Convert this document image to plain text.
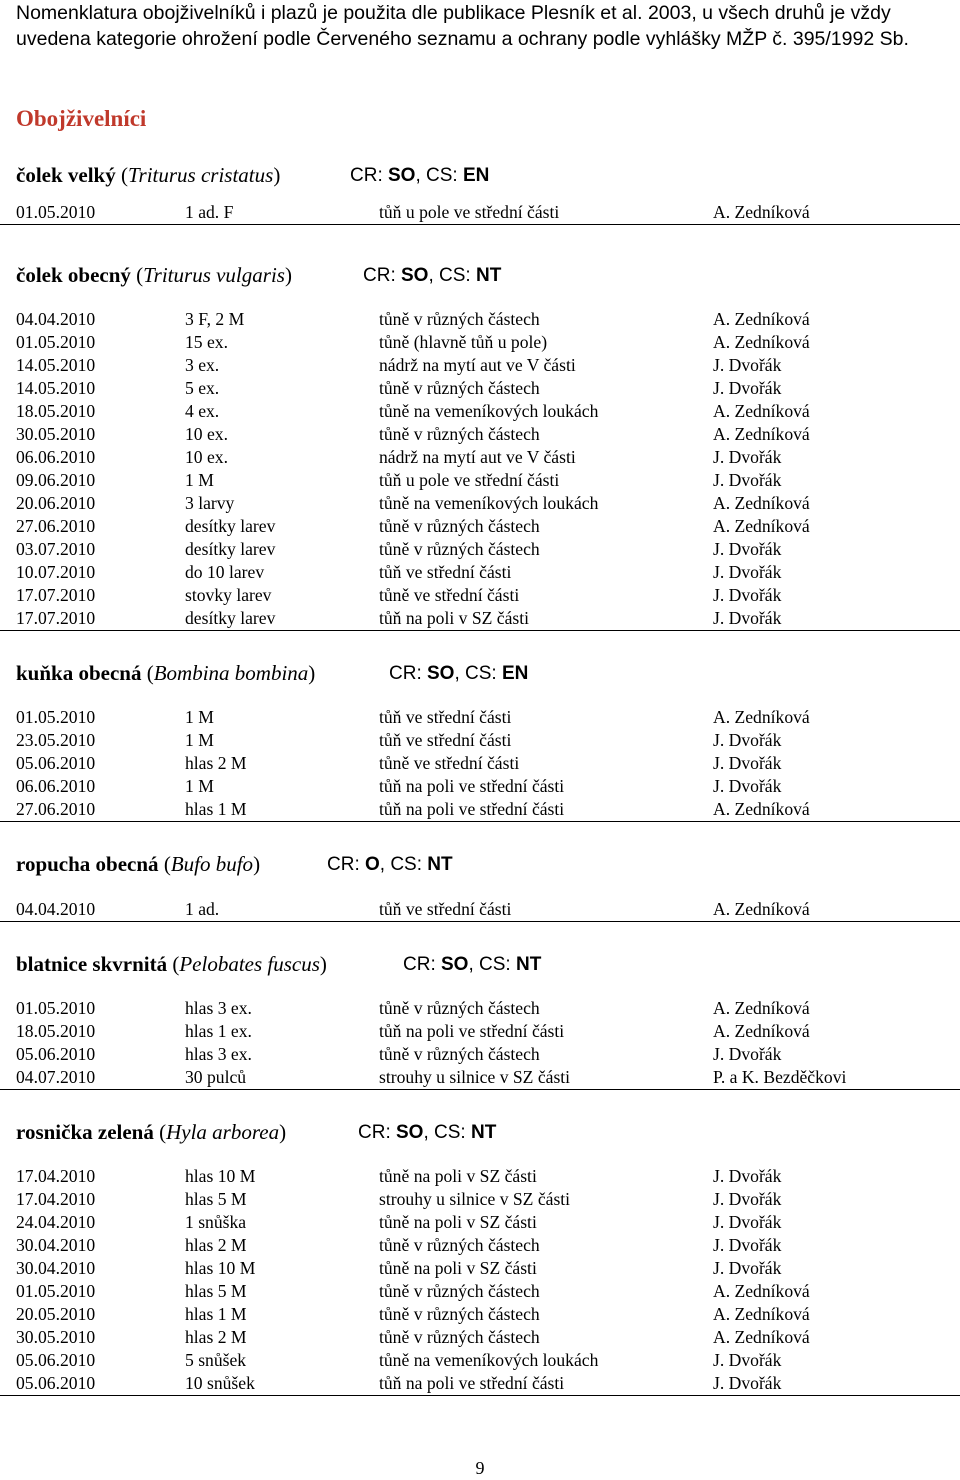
Nomenklatura obojživelníků i plazů je použita dle publikace Plesník et al. 2003, u všech druhů je vždy uvedena kategorie ohrožení podle Červeného seznamu a ochrany podle vyhlášky MŽP č. 395/1992 Sb.

Obojživelníci
čolek velký (Triturus cristatus)	CR: SO, CS: EN
01.05.2010	1 ad. F	tůň u pole ve střední části	A. Zedníková
čolek obecný (Triturus vulgaris)	CR: SO, CS: NT
04.04.2010	3 F, 2 M	tůně v různých částech	A. Zedníková
01.05.2010	15 ex.	tůně (hlavně tůň u pole)	A. Zedníková
14.05.2010	3 ex.	nádrž na mytí aut ve V části	J. Dvořák
14.05.2010	5 ex.	tůně v různých částech	J. Dvořák
18.05.2010	4 ex.	tůně na vemeníkových loukách	A. Zedníková
30.05.2010	10 ex.	tůně v různých částech	A. Zedníková
06.06.2010	10 ex.	nádrž na mytí aut ve V části	J. Dvořák
09.06.2010	1 M	tůň u pole ve střední části	J. Dvořák
20.06.2010	3 larvy	tůně na vemeníkových loukách	A. Zedníková
27.06.2010	desítky larev	tůně v různých částech	A. Zedníková
03.07.2010	desítky larev	tůně v různých částech	J. Dvořák
10.07.2010	do 10 larev	tůň ve střední části	J. Dvořák
17.07.2010	stovky larev	tůně ve střední části	J. Dvořák
17.07.2010	desítky larev	tůň na poli v SZ části	J. Dvořák
kuňka obecná (Bombina bombina)	CR: SO, CS: EN
01.05.2010	1 M	tůň ve střední části	A. Zedníková
23.05.2010	1 M	tůň ve střední části	J. Dvořák
05.06.2010	hlas 2 M	tůně ve střední části	J. Dvořák
06.06.2010	1 M	tůň na poli ve střední části	J. Dvořák
27.06.2010	hlas 1 M	tůň na poli ve střední části	A. Zedníková
ropucha obecná (Bufo bufo)	CR: O, CS: NT
04.04.2010	1 ad.	tůň ve střední části	A. Zedníková
blatnice skvrnitá (Pelobates fuscus)	CR: SO, CS: NT
01.05.2010	hlas 3 ex.	tůně v různých částech	A. Zedníková
18.05.2010	hlas 1 ex.	tůň na poli ve střední části	A. Zedníková
05.06.2010	hlas 3 ex.	tůně v různých částech	J. Dvořák
04.07.2010	30 pulců	strouhy u silnice v SZ části	P. a K. Bezděčkovi
rosnička zelená (Hyla arborea)	CR: SO, CS: NT
17.04.2010	hlas 10 M	tůně na poli v SZ části	J. Dvořák
17.04.2010	hlas 5 M	strouhy u silnice v SZ části	J. Dvořák
24.04.2010	1 snůška	tůně na poli v SZ části	J. Dvořák
30.04.2010	hlas 2 M	tůně v různých částech	J. Dvořák
30.04.2010	hlas 10 M	tůně na poli v SZ části	J. Dvořák
01.05.2010	hlas 5 M	tůně v různých částech	A. Zedníková
20.05.2010	hlas 1 M	tůně v různých částech	A. Zedníková
30.05.2010	hlas 2 M	tůně v různých částech	A. Zedníková
05.06.2010	5 snůšek	tůně na vemeníkových loukách	J. Dvořák
05.06.2010	10 snůšek	tůň na poli ve střední části	J. Dvořák
9
